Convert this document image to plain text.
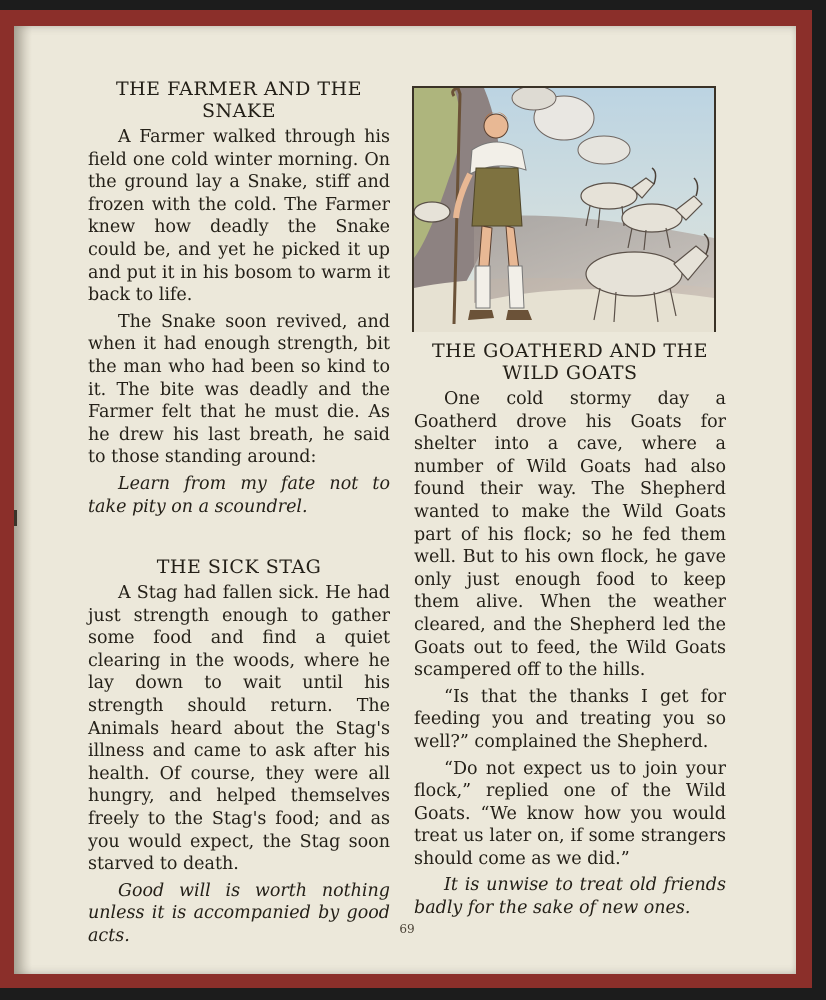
THE FARMER AND THE SNAKE

A Farmer walked through his field one cold winter morning. On the ground lay a Snake, stiff and frozen with the cold. The Farmer knew how deadly the Snake could be, and yet he picked it up and put it in his bosom to warm it back to life.

The Snake soon revived, and when it had enough strength, bit the man who had been so kind to it. The bite was deadly and the Farmer felt that he must die. As he drew his last breath, he said to those standing around:

Learn from my fate not to take pity on a scoundrel.

THE SICK STAG

A Stag had fallen sick. He had just strength enough to gather some food and find a quiet clearing in the woods, where he lay down to wait until his strength should return. The Animals heard about the Stag's illness and came to ask after his health. Of course, they were all hungry, and helped themselves freely to the Stag's food; and as you would expect, the Stag soon starved to death.

Good will is worth nothing unless it is accompanied by good acts.

THE GOATHERD AND THE WILD GOATS

One cold stormy day a Goatherd drove his Goats for shelter into a cave, where a number of Wild Goats had also found their way. The Shepherd wanted to make the Wild Goats part of his flock; so he fed them well. But to his own flock, he gave only just enough food to keep them alive. When the weather cleared, and the Shepherd led the Goats out to feed, the Wild Goats scampered off to the hills.

“Is that the thanks I get for feeding you and treating you so well?” complained the Shepherd.

“Do not expect us to join your flock,” replied one of the Wild Goats. “We know how you would treat us later on, if some strangers should come as we did.”

It is unwise to treat old friends badly for the sake of new ones.

69
